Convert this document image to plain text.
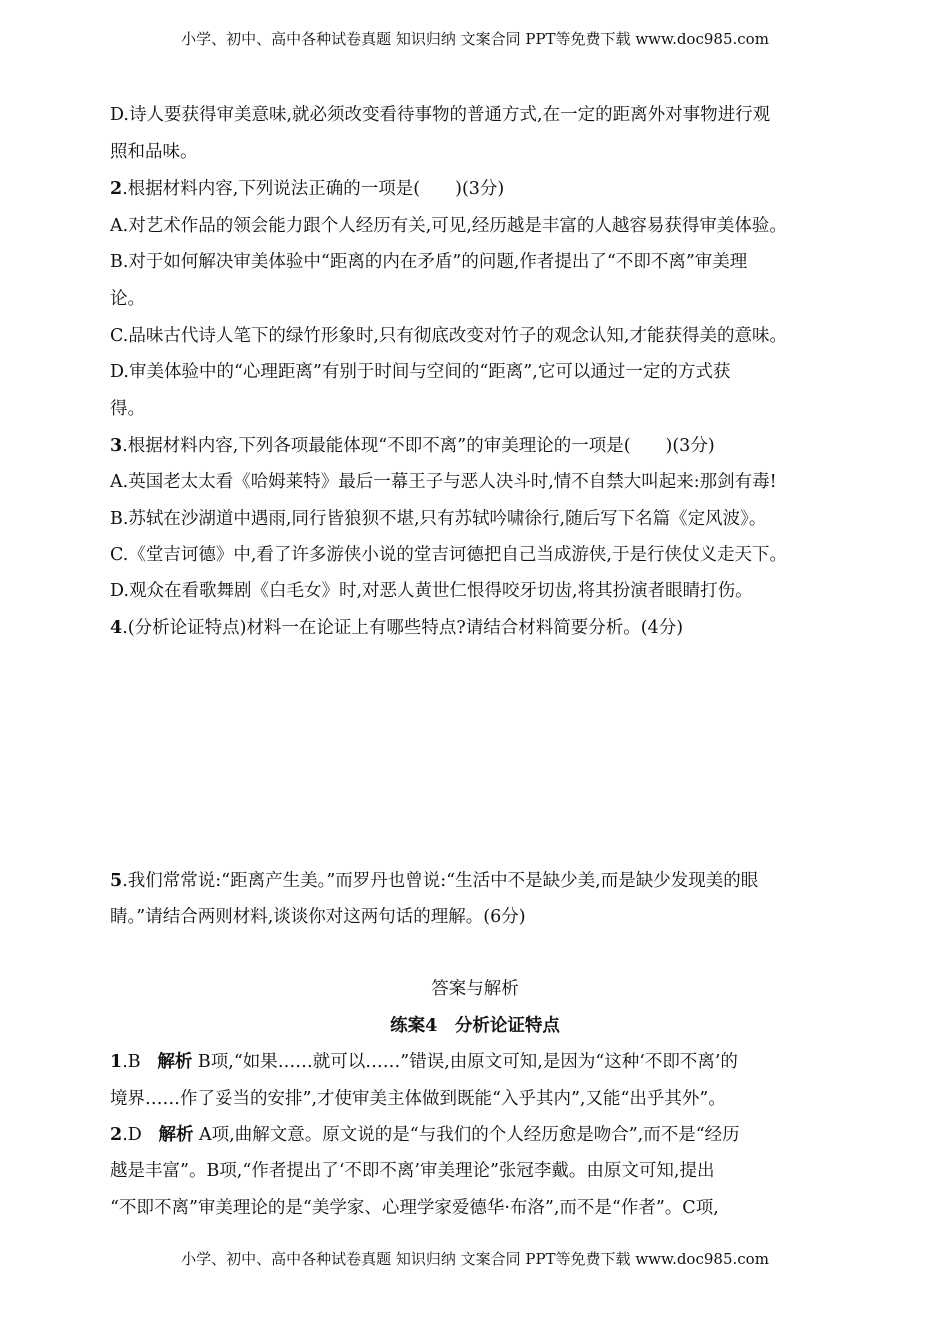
小学、初中、高中各种试卷真题 知识归纳 文案合同 PPT等免费下载 www.doc985.com
D.诗人要获得审美意味,就必须改变看待事物的普通方式,在一定的距离外对事物进行观
照和品味。
2.根据材料内容,下列说法正确的一项是(　　)(3分)
A.对艺术作品的领会能力跟个人经历有关,可见,经历越是丰富的人越容易获得审美体验。
B.对于如何解决审美体验中“距离的内在矛盾”的问题,作者提出了“不即不离”审美理
论。
C.品味古代诗人笔下的绿竹形象时,只有彻底改变对竹子的观念认知,才能获得美的意味。
D.审美体验中的“心理距离”有别于时间与空间的“距离”,它可以通过一定的方式获
得。
3.根据材料内容,下列各项最能体现“不即不离”的审美理论的一项是(　　)(3分)
A.英国老太太看《哈姆莱特》最后一幕王子与恶人决斗时,情不自禁大叫起来:那剑有毒!
B.苏轼在沙湖道中遇雨,同行皆狼狈不堪,只有苏轼吟啸徐行,随后写下名篇《定风波》。
C.《堂吉诃德》中,看了许多游侠小说的堂吉诃德把自己当成游侠,于是行侠仗义走天下。
D.观众在看歌舞剧《白毛女》时,对恶人黄世仁恨得咬牙切齿,将其扮演者眼睛打伤。
4.(分析论证特点)材料一在论证上有哪些特点?请结合材料简要分析。(4分)
5.我们常常说:“距离产生美。”而罗丹也曾说:“生活中不是缺少美,而是缺少发现美的眼
睛。”请结合两则材料,谈谈你对这两句话的理解。(6分)
答案与解析
练案4　分析论证特点
1.B 解析 B项,“如果……就可以……”错误,由原文可知,是因为“这种‘不即不离’的
境界……作了妥当的安排”,才使审美主体做到既能“入乎其内”,又能“出乎其外”。
2.D 解析 A项,曲解文意。原文说的是“与我们的个人经历愈是吻合”,而不是“经历
越是丰富”。B项,“作者提出了‘不即不离’审美理论”张冠李戴。由原文可知,提出
“不即不离”审美理论的是“美学家、心理学家爱德华·布洛”,而不是“作者”。C项,
小学、初中、高中各种试卷真题 知识归纳 文案合同 PPT等免费下载 www.doc985.com
